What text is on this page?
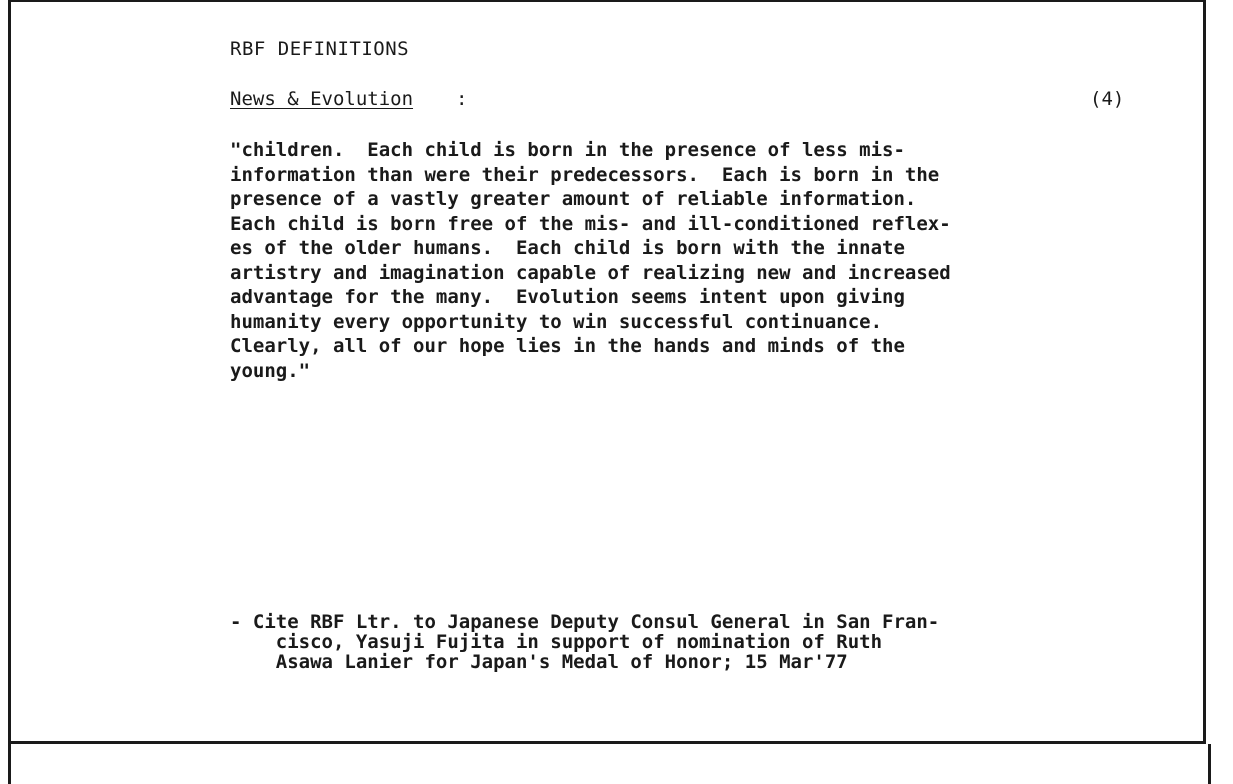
RBF DEFINITIONS
News & Evolution :	(4)
"children.  Each child is born in the presence of less mis-
information than were their predecessors.  Each is born in the
presence of a vastly greater amount of reliable information.
Each child is born free of the mis- and ill-conditioned reflex-
es of the older humans.  Each child is born with the innate
artistry and imagination capable of realizing new and increased
advantage for the many.  Evolution seems intent upon giving
humanity every opportunity to win successful continuance.
Clearly, all of our hope lies in the hands and minds of the
young."
- Cite RBF Ltr. to Japanese Deputy Consul General in San Fran-
cisco, Yasuji Fujita in support of nomination of Ruth
Asawa Lanier for Japan's Medal of Honor; 15 Mar'77
